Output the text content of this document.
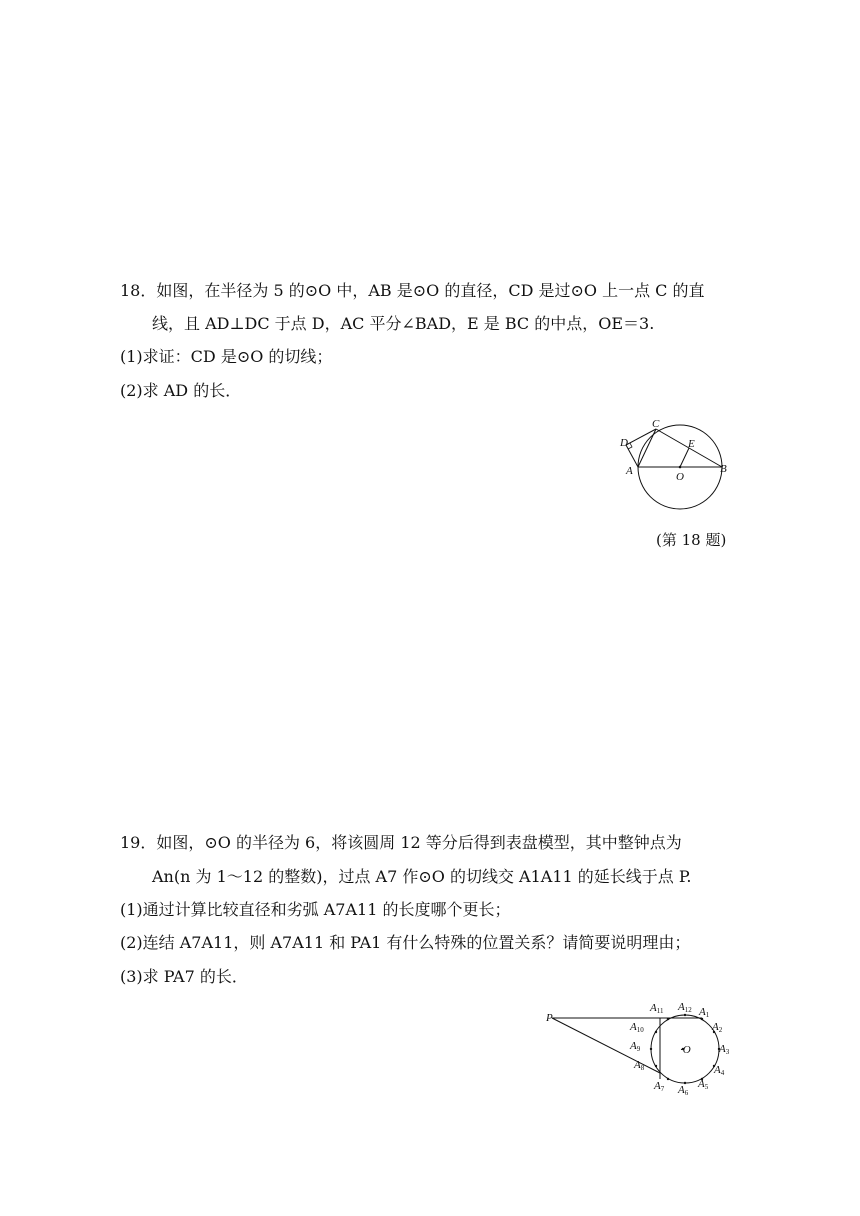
18．如图，在半径为 5 的⊙O 中，AB 是⊙O 的直径，CD 是过⊙O 上一点 C 的直
线，且 AD⊥DC 于点 D，AC 平分∠BAD，E 是 BC 的中点，OE＝3.
(1)求证：CD 是⊙O 的切线；
(2)求 AD 的长．
D
C
E
A	O
B
(第 18 题)
19．如图，⊙O 的半径为 6，将该圆周 12 等分后得到表盘模型，其中整钟点为
An(n 为 1～12 的整数)，过点 A7 作⊙O 的切线交 A1A11 的延长线于点 P.
(1)通过计算比较直径和劣弧 A7A11 的长度哪个更长；
(2)连结 A7A11，则 A7A11 和 PA1 有什么特殊的位置关系？请简要说明理由；
(3)求 PA7 的长．
P
·O
A12 A1
A2
A3
A4
A5
A6
A7
A8
A9
A10
A11
